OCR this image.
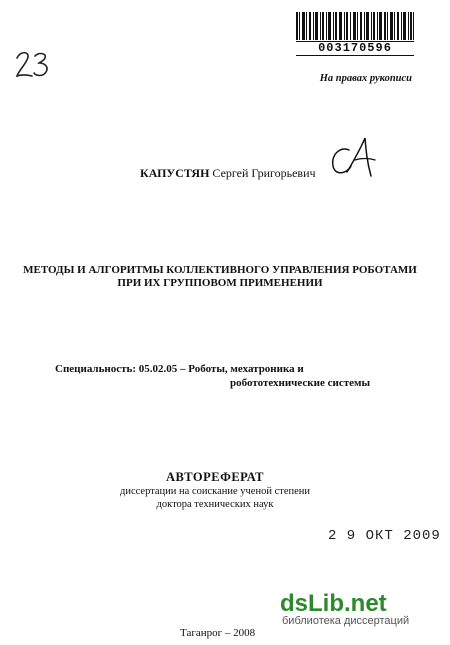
003170596
На правах рукописи
КАПУСТЯН Сергей Григорьевич
МЕТОДЫ И АЛГОРИТМЫ КОЛЛЕКТИВНОГО УПРАВЛЕНИЯ РОБОТАМИ
ПРИ ИХ ГРУППОВОМ ПРИМЕНЕНИИ
Специальность: 05.02.05 – Роботы, мехатроника и
робототехнические системы
АВТОРЕФЕРАТ
диссертации на соискание ученой степени
доктора технических наук
2 9 ОКТ 2009
dsLib.net
библиотека диссертаций
Таганрог – 2008
